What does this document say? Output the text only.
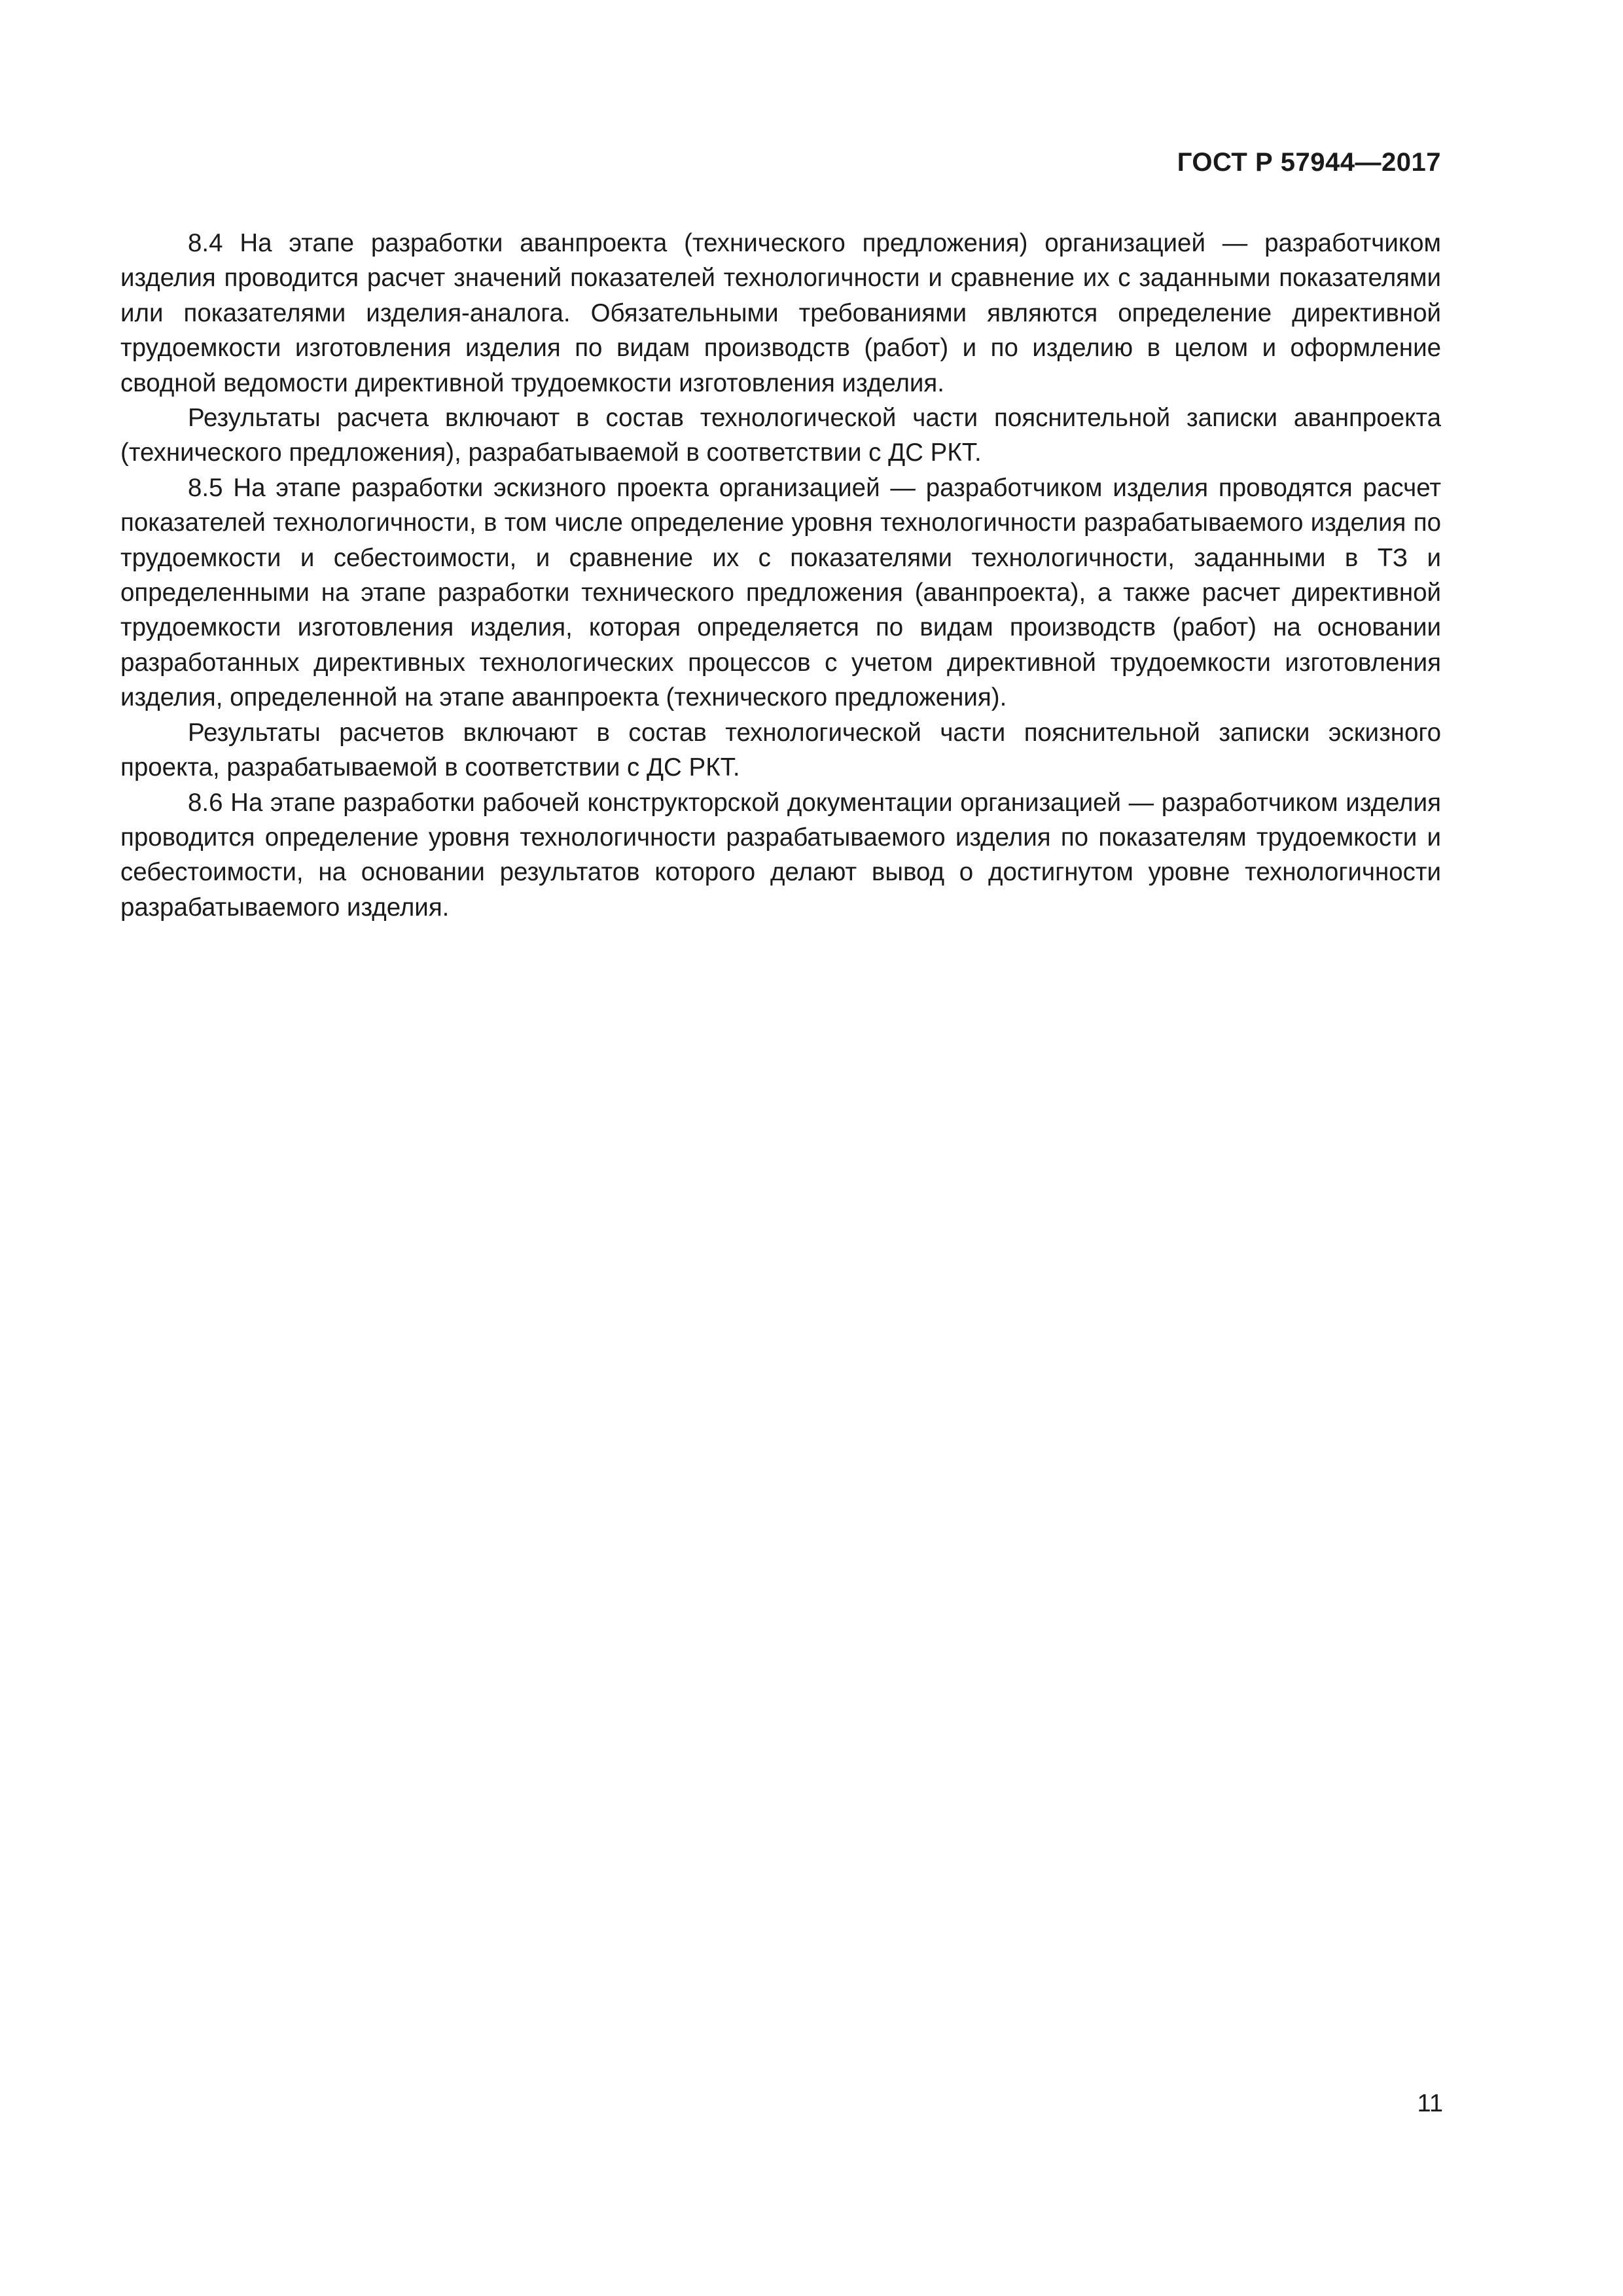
ГОСТ Р 57944—2017

8.4 На этапе разработки аванпроекта (технического предложения) организацией — разработчиком изделия проводится расчет значений показателей технологичности и сравнение их с заданными показателями или показателями изделия-аналога. Обязательными требованиями являются определение директивной трудоемкости изготовления изделия по видам производств (работ) и по изделию в целом и оформление сводной ведомости директивной трудоемкости изготовления изделия.

Результаты расчета включают в состав технологической части пояснительной записки аванпроекта (технического предложения), разрабатываемой в соответствии с ДС РКТ.

8.5 На этапе разработки эскизного проекта организацией — разработчиком изделия проводятся расчет показателей технологичности, в том числе определение уровня технологичности разрабатываемого изделия по трудоемкости и себестоимости, и сравнение их с показателями технологичности, заданными в ТЗ и определенными на этапе разработки технического предложения (аванпроекта), а также расчет директивной трудоемкости изготовления изделия, которая определяется по видам производств (работ) на основании разработанных директивных технологических процессов с учетом директивной трудоемкости изготовления изделия, определенной на этапе аванпроекта (технического предложения).

Результаты расчетов включают в состав технологической части пояснительной записки эскизного проекта, разрабатываемой в соответствии с ДС РКТ.

8.6 На этапе разработки рабочей конструкторской документации организацией — разработчиком изделия проводится определение уровня технологичности разрабатываемого изделия по показателям трудоемкости и себестоимости, на основании результатов которого делают вывод о достигнутом уровне технологичности разрабатываемого изделия.

11
